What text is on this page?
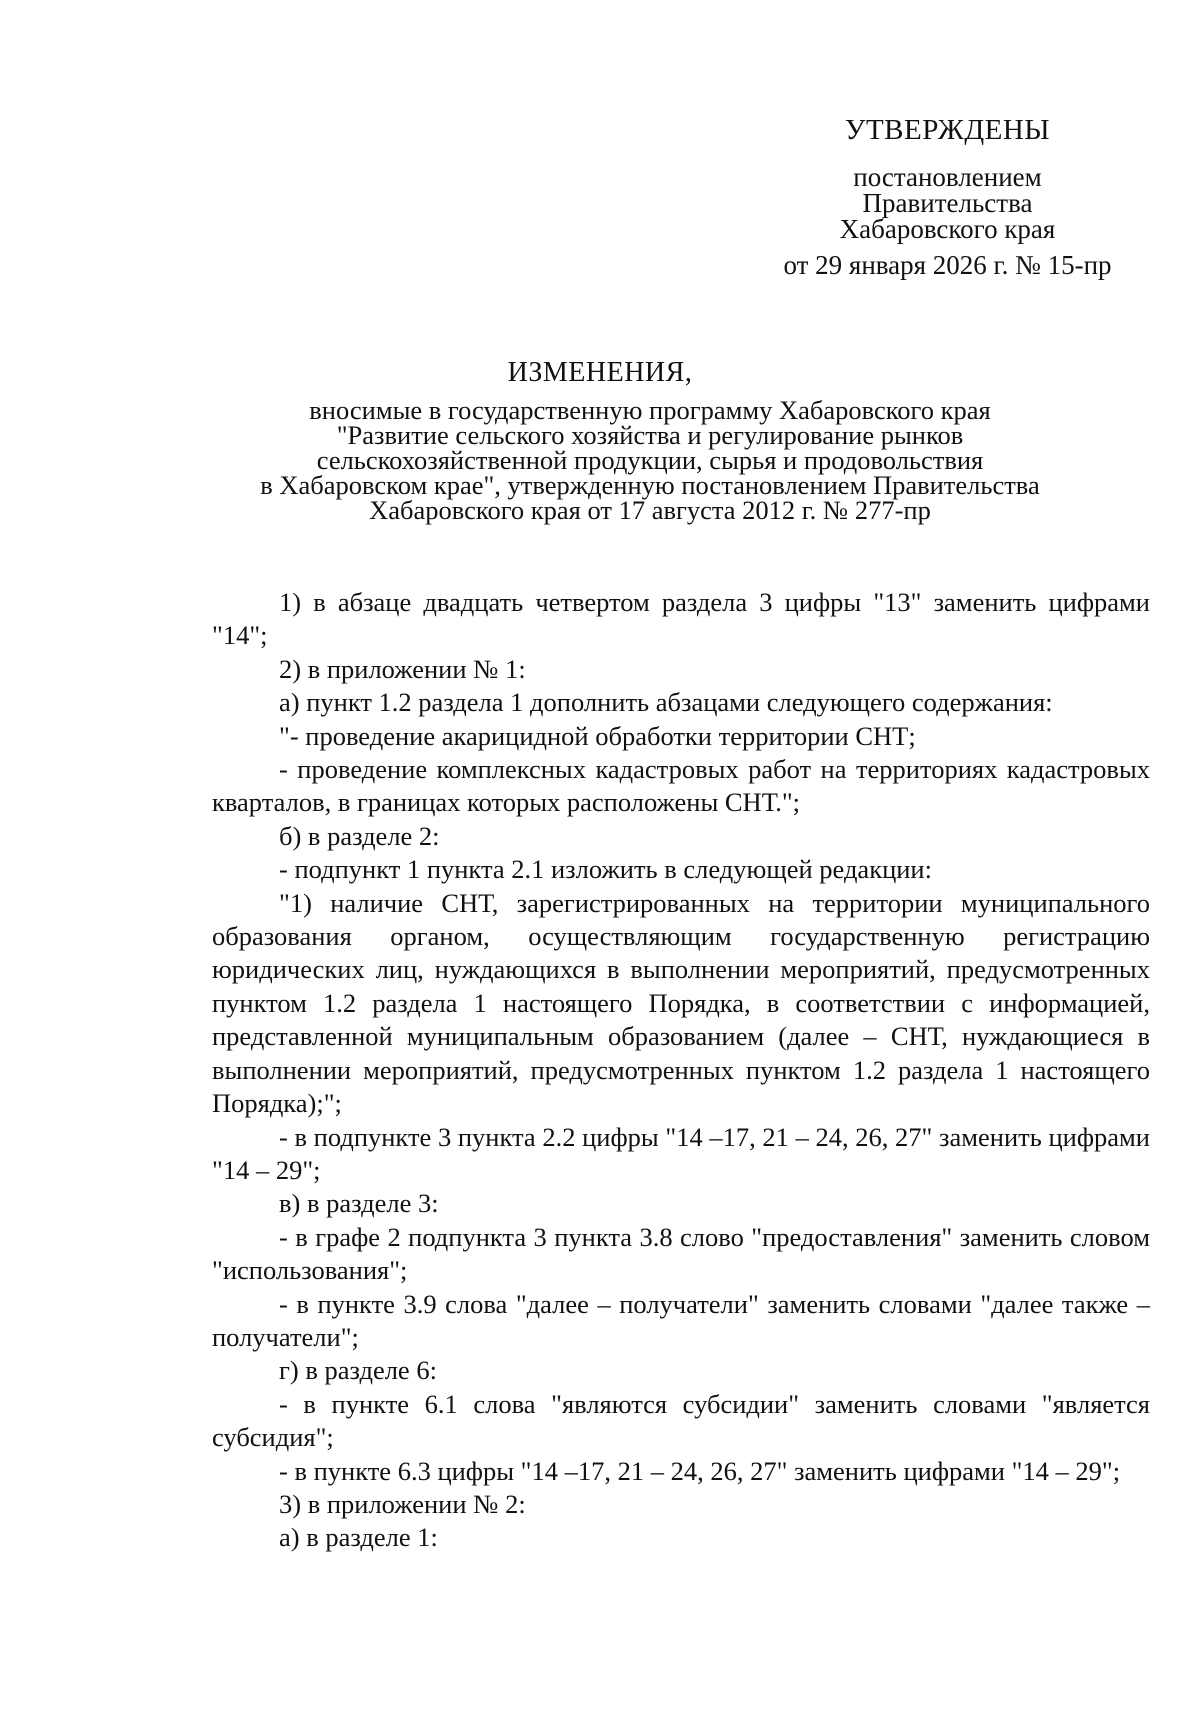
УТВЕРЖДЕНЫ
постановлением
Правительства
Хабаровского края
от 29 января 2026 г. № 15-пр
ИЗМЕНЕНИЯ,
вносимые в государственную программу Хабаровского края
"Развитие сельского хозяйства и регулирование рынков
сельскохозяйственной продукции, сырья и продовольствия
в Хабаровском крае", утвержденную постановлением Правительства
Хабаровского края от 17 августа 2012 г. № 277-пр

1) в абзаце двадцать четвертом раздела 3 цифры "13" заменить цифрами "14";

2) в приложении № 1:

а) пункт 1.2 раздела 1 дополнить абзацами следующего содержания:

"- проведение акарицидной обработки территории СНТ;

- проведение комплексных кадастровых работ на территориях кадастровых кварталов, в границах которых расположены СНТ.";

б) в разделе 2:

- подпункт 1 пункта 2.1 изложить в следующей редакции:

"1) наличие СНТ, зарегистрированных на территории муниципального образования органом, осуществляющим государственную регистрацию юридических лиц, нуждающихся в выполнении мероприятий, предусмотренных пунктом 1.2 раздела 1 настоящего Порядка, в соответствии с информацией, представленной муниципальным образованием (далее – СНТ, нуждающиеся в выполнении мероприятий, предусмотренных пунктом 1.2 раздела 1 настоящего Порядка);";

- в подпункте 3 пункта 2.2 цифры "14 –17, 21 – 24, 26, 27" заменить цифрами "14 – 29";

в) в разделе 3:

- в графе 2 подпункта 3 пункта 3.8 слово "предоставления" заменить словом "использования";

- в пункте 3.9 слова "далее – получатели" заменить словами "далее также – получатели";

г) в разделе 6:

- в пункте 6.1 слова "являются субсидии" заменить словами "является субсидия";

- в пункте 6.3 цифры "14 –17, 21 – 24, 26, 27" заменить цифрами "14 – 29";

3) в приложении № 2:

а) в разделе 1:
